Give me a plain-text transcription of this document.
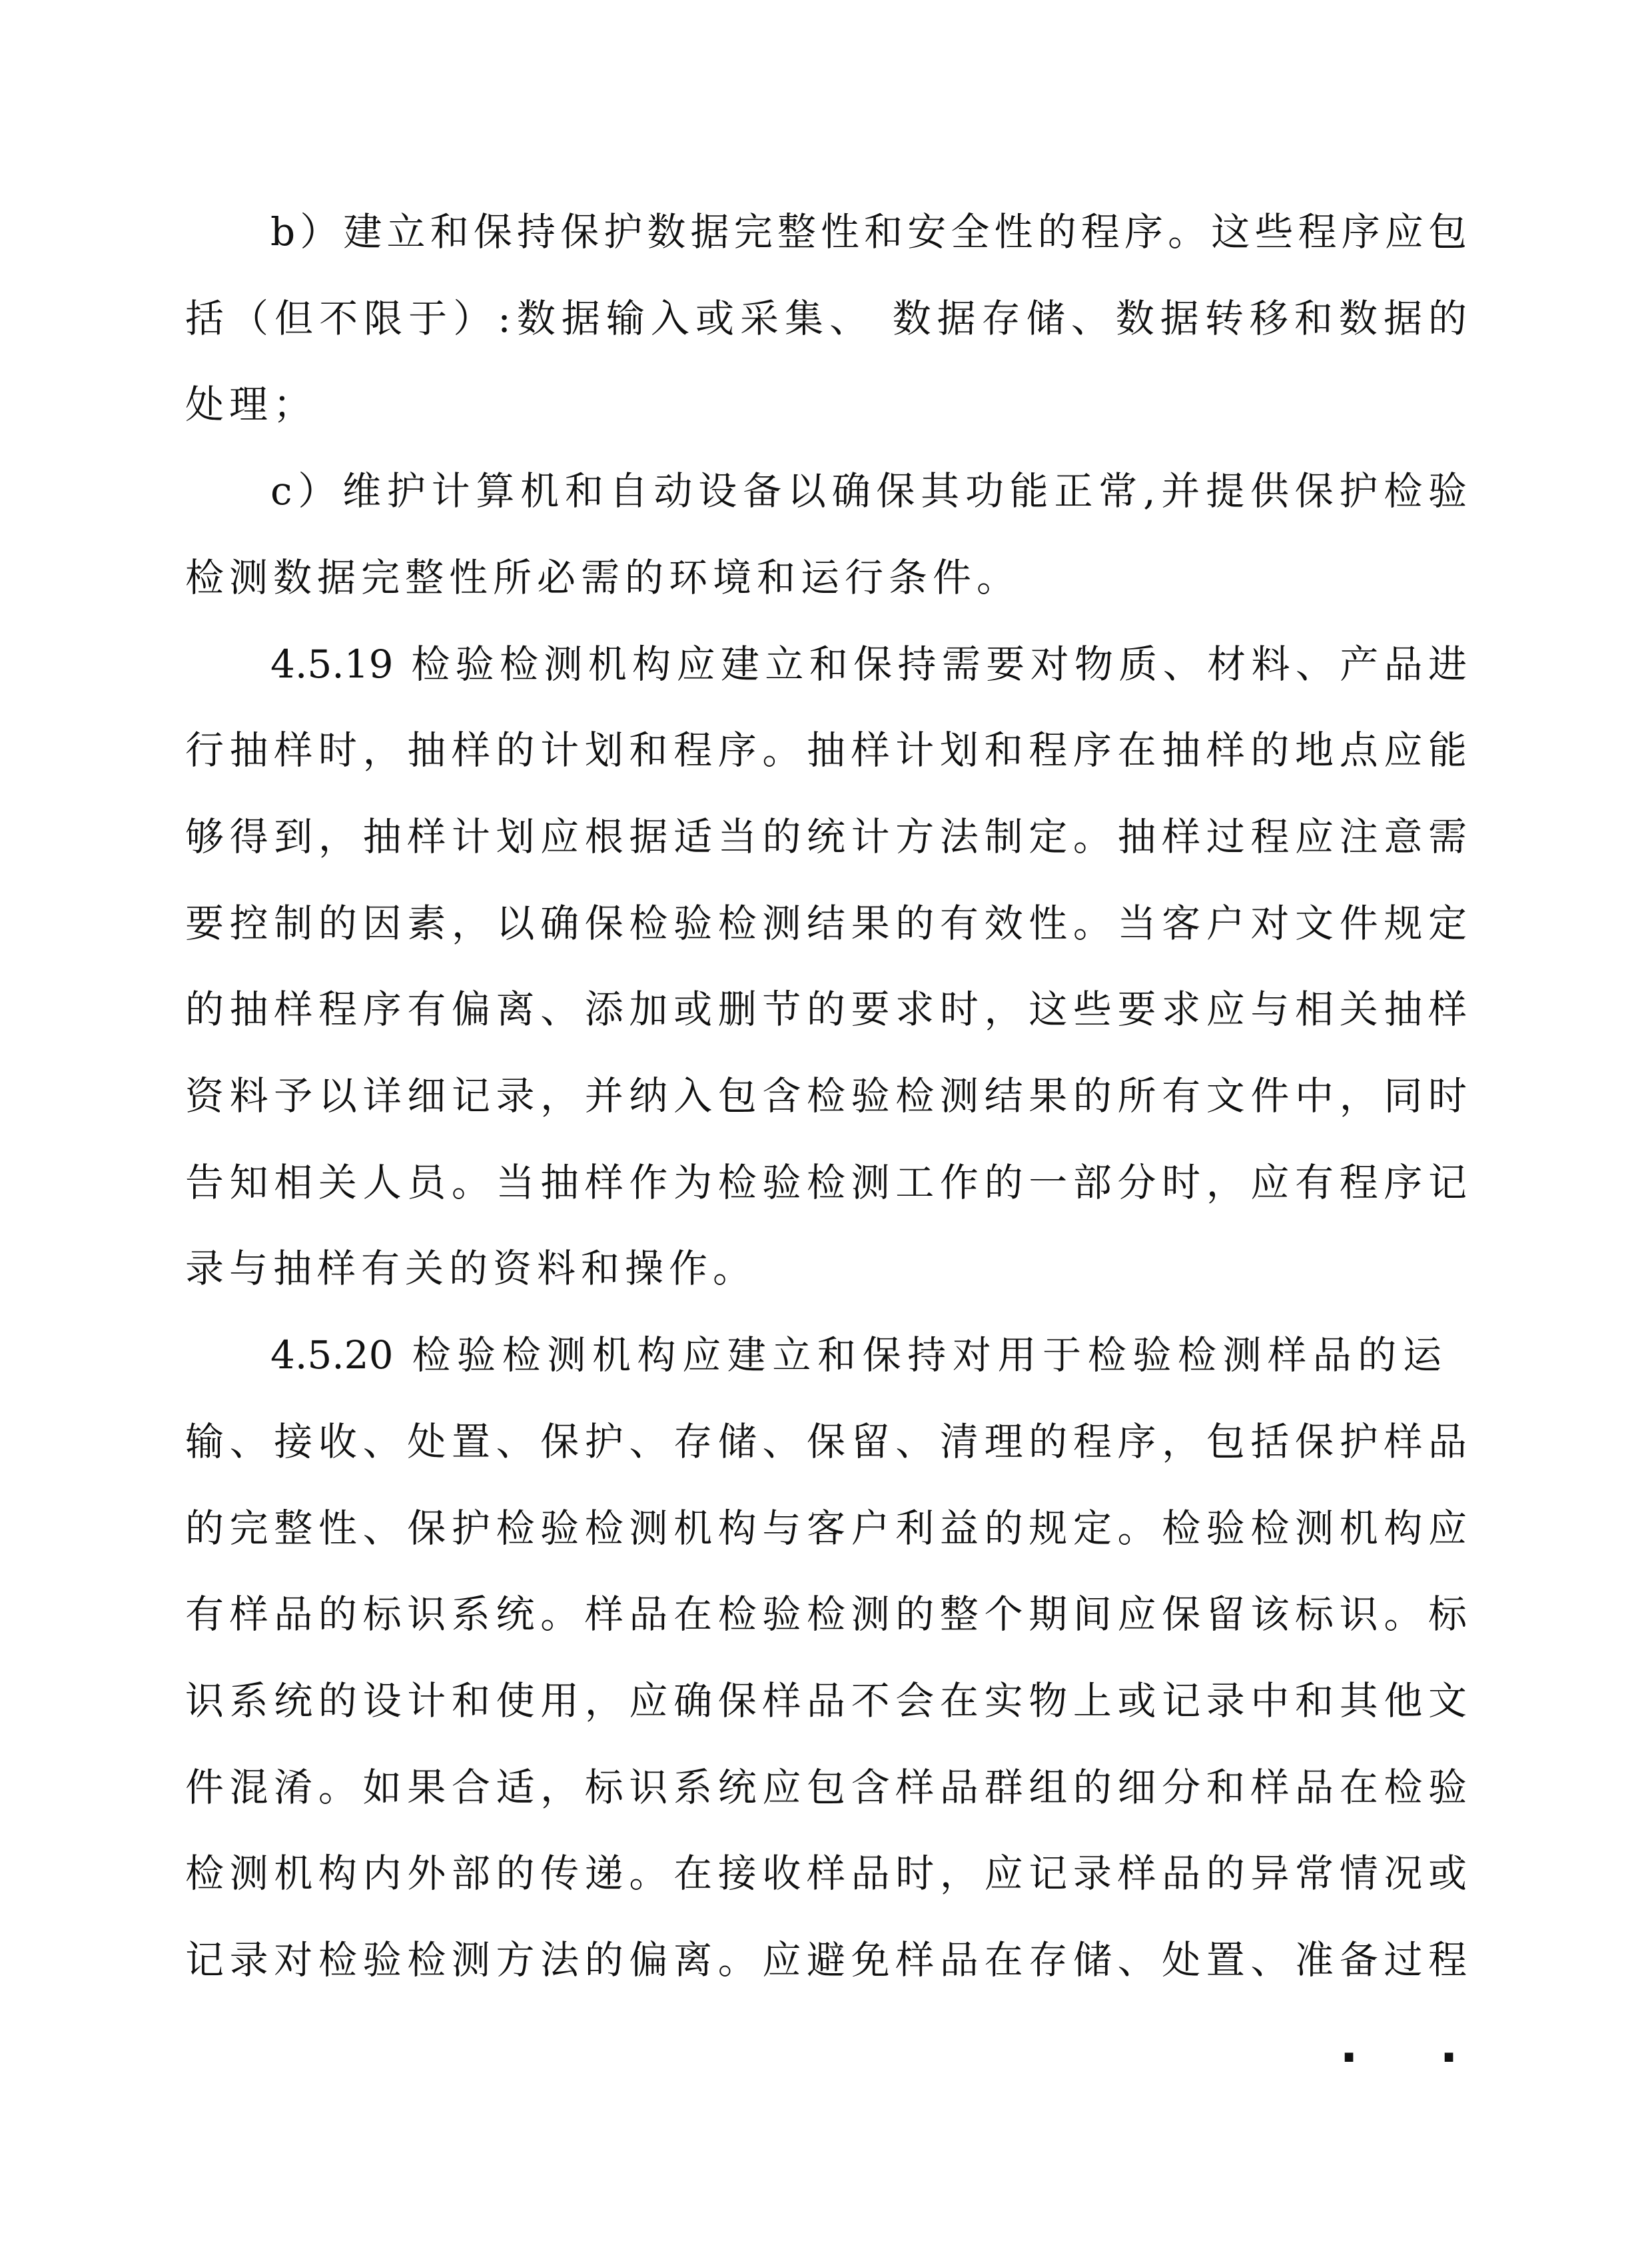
b）建立和保持保护数据完整性和安全性的程序。这些程序应包
括（但不限于）:数据输入或采集、 数据存储、数据转移和数据的
处理；
c）维护计算机和自动设备以确保其功能正常,并提供保护检验
检测数据完整性所必需的环境和运行条件。
4.5.19 检验检测机构应建立和保持需要对物质、材料、产品进
行抽样时，抽样的计划和程序。抽样计划和程序在抽样的地点应能
够得到，抽样计划应根据适当的统计方法制定。抽样过程应注意需
要控制的因素，以确保检验检测结果的有效性。当客户对文件规定
的抽样程序有偏离、添加或删节的要求时，这些要求应与相关抽样
资料予以详细记录，并纳入包含检验检测结果的所有文件中，同时
告知相关人员。当抽样作为检验检测工作的一部分时，应有程序记
录与抽样有关的资料和操作。
4.5.20 检验检测机构应建立和保持对用于检验检测样品的运
输、接收、处置、保护、存储、保留、清理的程序，包括保护样品
的完整性、保护检验检测机构与客户利益的规定。检验检测机构应
有样品的标识系统。样品在检验检测的整个期间应保留该标识。标
识系统的设计和使用，应确保样品不会在实物上或记录中和其他文
件混淆。如果合适，标识系统应包含样品群组的细分和样品在检验
检测机构内外部的传递。在接收样品时，应记录样品的异常情况或
记录对检验检测方法的偏离。应避免样品在存储、处置、准备过程
. .
